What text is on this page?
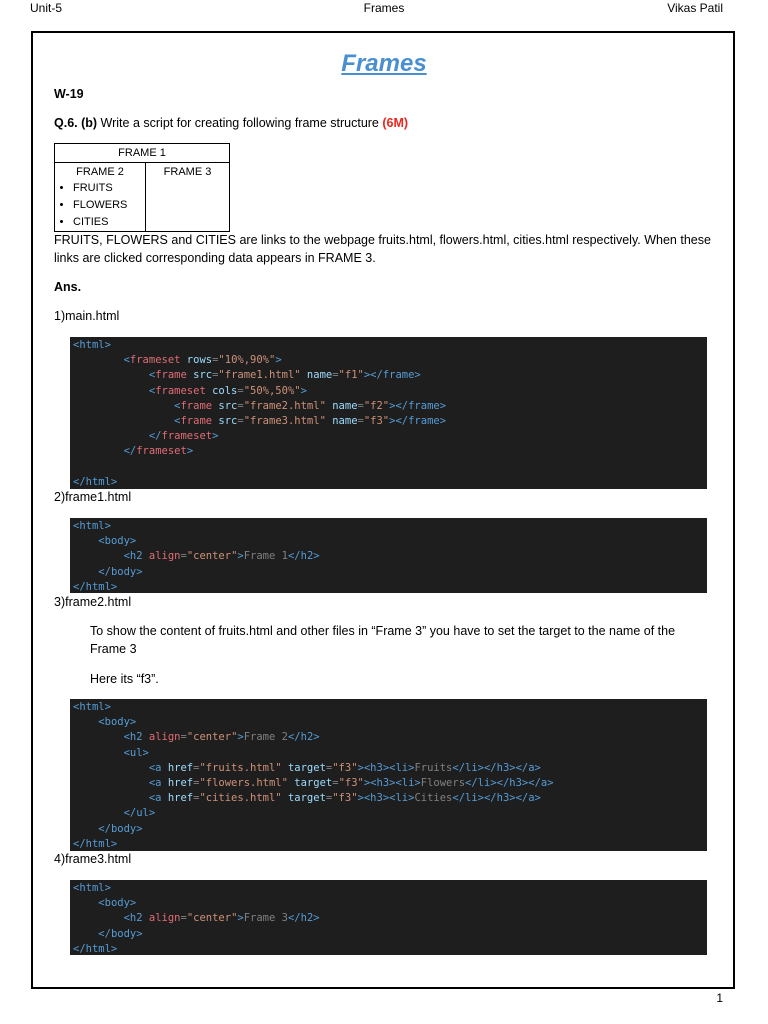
Unit-5	Frames	Vikas Patil
Frames
W-19
Q.6. (b) Write a script for creating following frame structure (6M)
FRAME 1

FRAME 2
• FRUITS
• FLOWERS
• CITIES

FRAME 3
FRUITS, FLOWERS and CITIES are links to the webpage fruits.html, flowers.html, cities.html respectively. When these
links are clicked corresponding data appears in FRAME 3.
Ans.
1)main.html
2)frame1.html
3)frame2.html
To show the content of fruits.html and other files in “Frame 3” you have to set the target to the name of the
Frame 3
Here its “f3”.
4)frame3.html
<html>
<frameset rows="10%,90%">
<frame src="frame1.html" name="f1"></frame>
<frameset cols="50%,50%">
<frame src="frame2.html" name="f2"></frame>
<frame src="frame3.html" name="f3"></frame>
</frameset>
</frameset>

</html>
<html>
<body>
<h2 align="center">Frame 1</h2>
</body>
</html>
<html>
<body>
<h2 align="center">Frame 2</h2>
<ul>
<a href="fruits.html" target="f3"><h3><li>Fruits</li></h3></a>
<a href="flowers.html" target="f3"><h3><li>Flowers</li></h3></a>
<a href="cities.html" target="f3"><h3><li>Cities</li></h3></a>
</ul>
</body>
</html>
<html>
<body>
<h2 align="center">Frame 3</h2>
</body>
</html>
1
